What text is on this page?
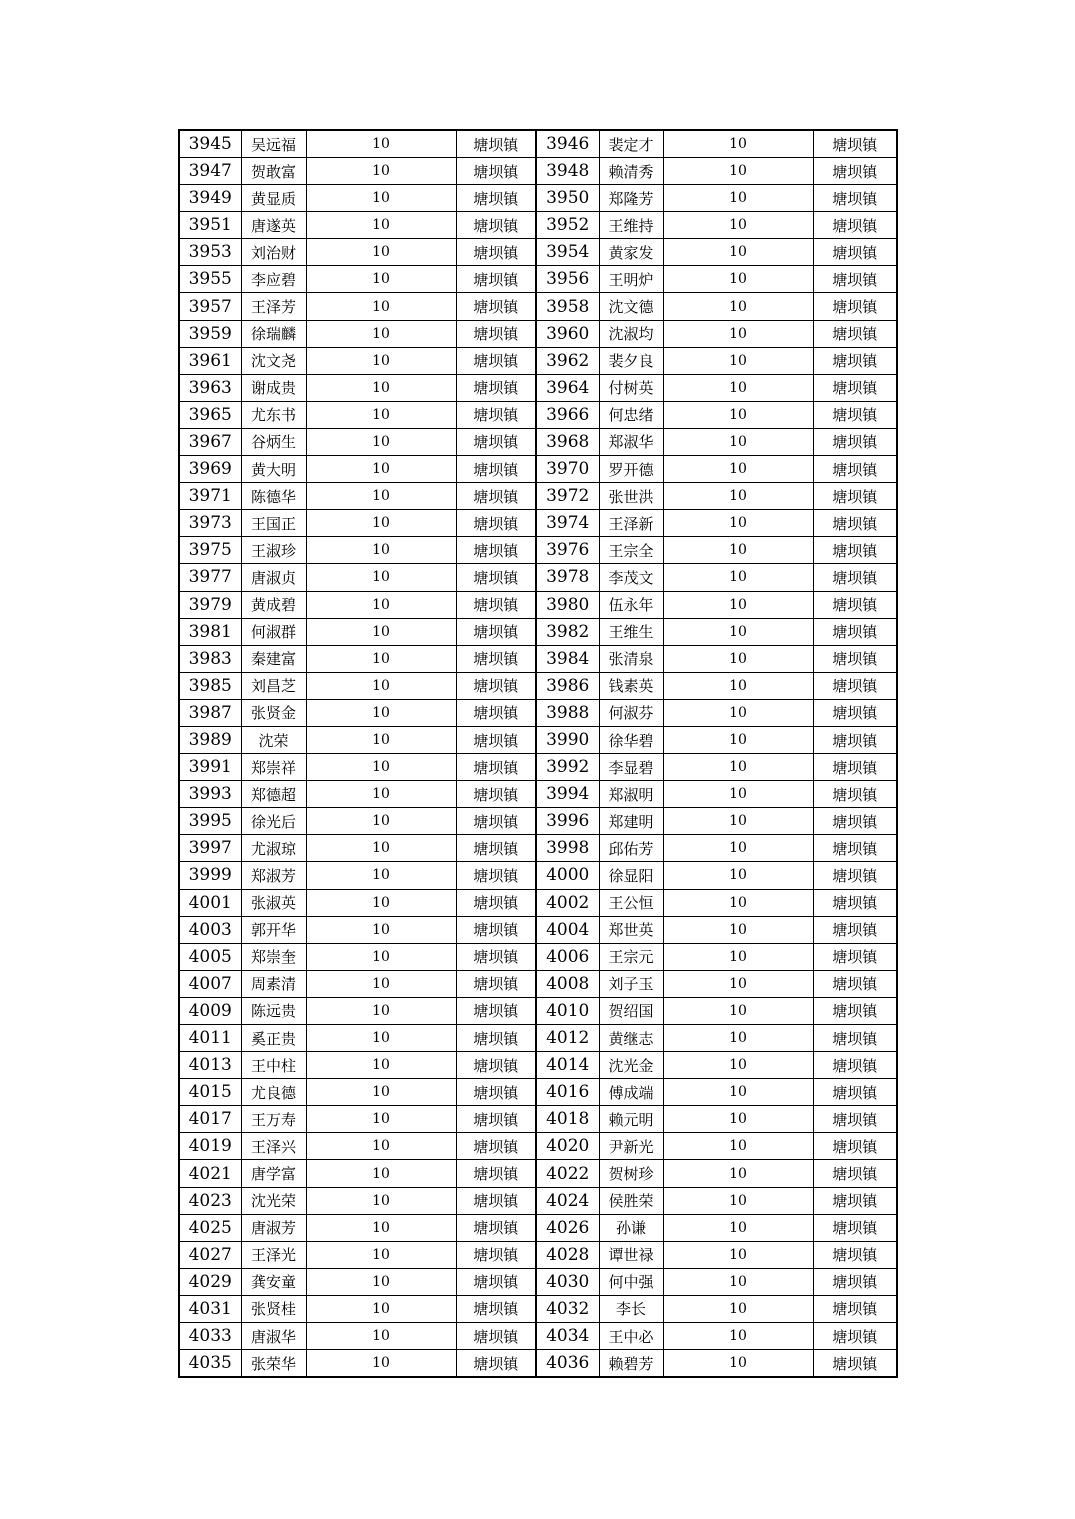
3945	吴远福	10	塘坝镇	3946	裴定才	10	塘坝镇
3947	贺敢富	10	塘坝镇	3948	赖清秀	10	塘坝镇
3949	黄显质	10	塘坝镇	3950	郑隆芳	10	塘坝镇
3951	唐遂英	10	塘坝镇	3952	王维持	10	塘坝镇
3953	刘治财	10	塘坝镇	3954	黄家发	10	塘坝镇
3955	李应碧	10	塘坝镇	3956	王明炉	10	塘坝镇
3957	王泽芳	10	塘坝镇	3958	沈文德	10	塘坝镇
3959	徐瑞麟	10	塘坝镇	3960	沈淑均	10	塘坝镇
3961	沈文尧	10	塘坝镇	3962	裴夕良	10	塘坝镇
3963	谢成贵	10	塘坝镇	3964	付树英	10	塘坝镇
3965	尤东书	10	塘坝镇	3966	何忠绪	10	塘坝镇
3967	谷炳生	10	塘坝镇	3968	郑淑华	10	塘坝镇
3969	黄大明	10	塘坝镇	3970	罗开德	10	塘坝镇
3971	陈德华	10	塘坝镇	3972	张世洪	10	塘坝镇
3973	王国正	10	塘坝镇	3974	王泽新	10	塘坝镇
3975	王淑珍	10	塘坝镇	3976	王宗全	10	塘坝镇
3977	唐淑贞	10	塘坝镇	3978	李茂文	10	塘坝镇
3979	黄成碧	10	塘坝镇	3980	伍永年	10	塘坝镇
3981	何淑群	10	塘坝镇	3982	王维生	10	塘坝镇
3983	秦建富	10	塘坝镇	3984	张清泉	10	塘坝镇
3985	刘昌芝	10	塘坝镇	3986	钱素英	10	塘坝镇
3987	张贤金	10	塘坝镇	3988	何淑芬	10	塘坝镇
3989	沈荣	10	塘坝镇	3990	徐华碧	10	塘坝镇
3991	郑崇祥	10	塘坝镇	3992	李显碧	10	塘坝镇
3993	郑德超	10	塘坝镇	3994	郑淑明	10	塘坝镇
3995	徐光后	10	塘坝镇	3996	郑建明	10	塘坝镇
3997	尤淑琼	10	塘坝镇	3998	邱佑芳	10	塘坝镇
3999	郑淑芳	10	塘坝镇	4000	徐显阳	10	塘坝镇
4001	张淑英	10	塘坝镇	4002	王公恒	10	塘坝镇
4003	郭开华	10	塘坝镇	4004	郑世英	10	塘坝镇
4005	郑崇奎	10	塘坝镇	4006	王宗元	10	塘坝镇
4007	周素清	10	塘坝镇	4008	刘子玉	10	塘坝镇
4009	陈远贵	10	塘坝镇	4010	贺绍国	10	塘坝镇
4011	奚正贵	10	塘坝镇	4012	黄继志	10	塘坝镇
4013	王中柱	10	塘坝镇	4014	沈光金	10	塘坝镇
4015	尤良德	10	塘坝镇	4016	傅成端	10	塘坝镇
4017	王万寿	10	塘坝镇	4018	赖元明	10	塘坝镇
4019	王泽兴	10	塘坝镇	4020	尹新光	10	塘坝镇
4021	唐学富	10	塘坝镇	4022	贺树珍	10	塘坝镇
4023	沈光荣	10	塘坝镇	4024	侯胜荣	10	塘坝镇
4025	唐淑芳	10	塘坝镇	4026	孙谦	10	塘坝镇
4027	王泽光	10	塘坝镇	4028	谭世禄	10	塘坝镇
4029	龚安童	10	塘坝镇	4030	何中强	10	塘坝镇
4031	张贤桂	10	塘坝镇	4032	李长	10	塘坝镇
4033	唐淑华	10	塘坝镇	4034	王中必	10	塘坝镇
4035	张荣华	10	塘坝镇	4036	赖碧芳	10	塘坝镇
